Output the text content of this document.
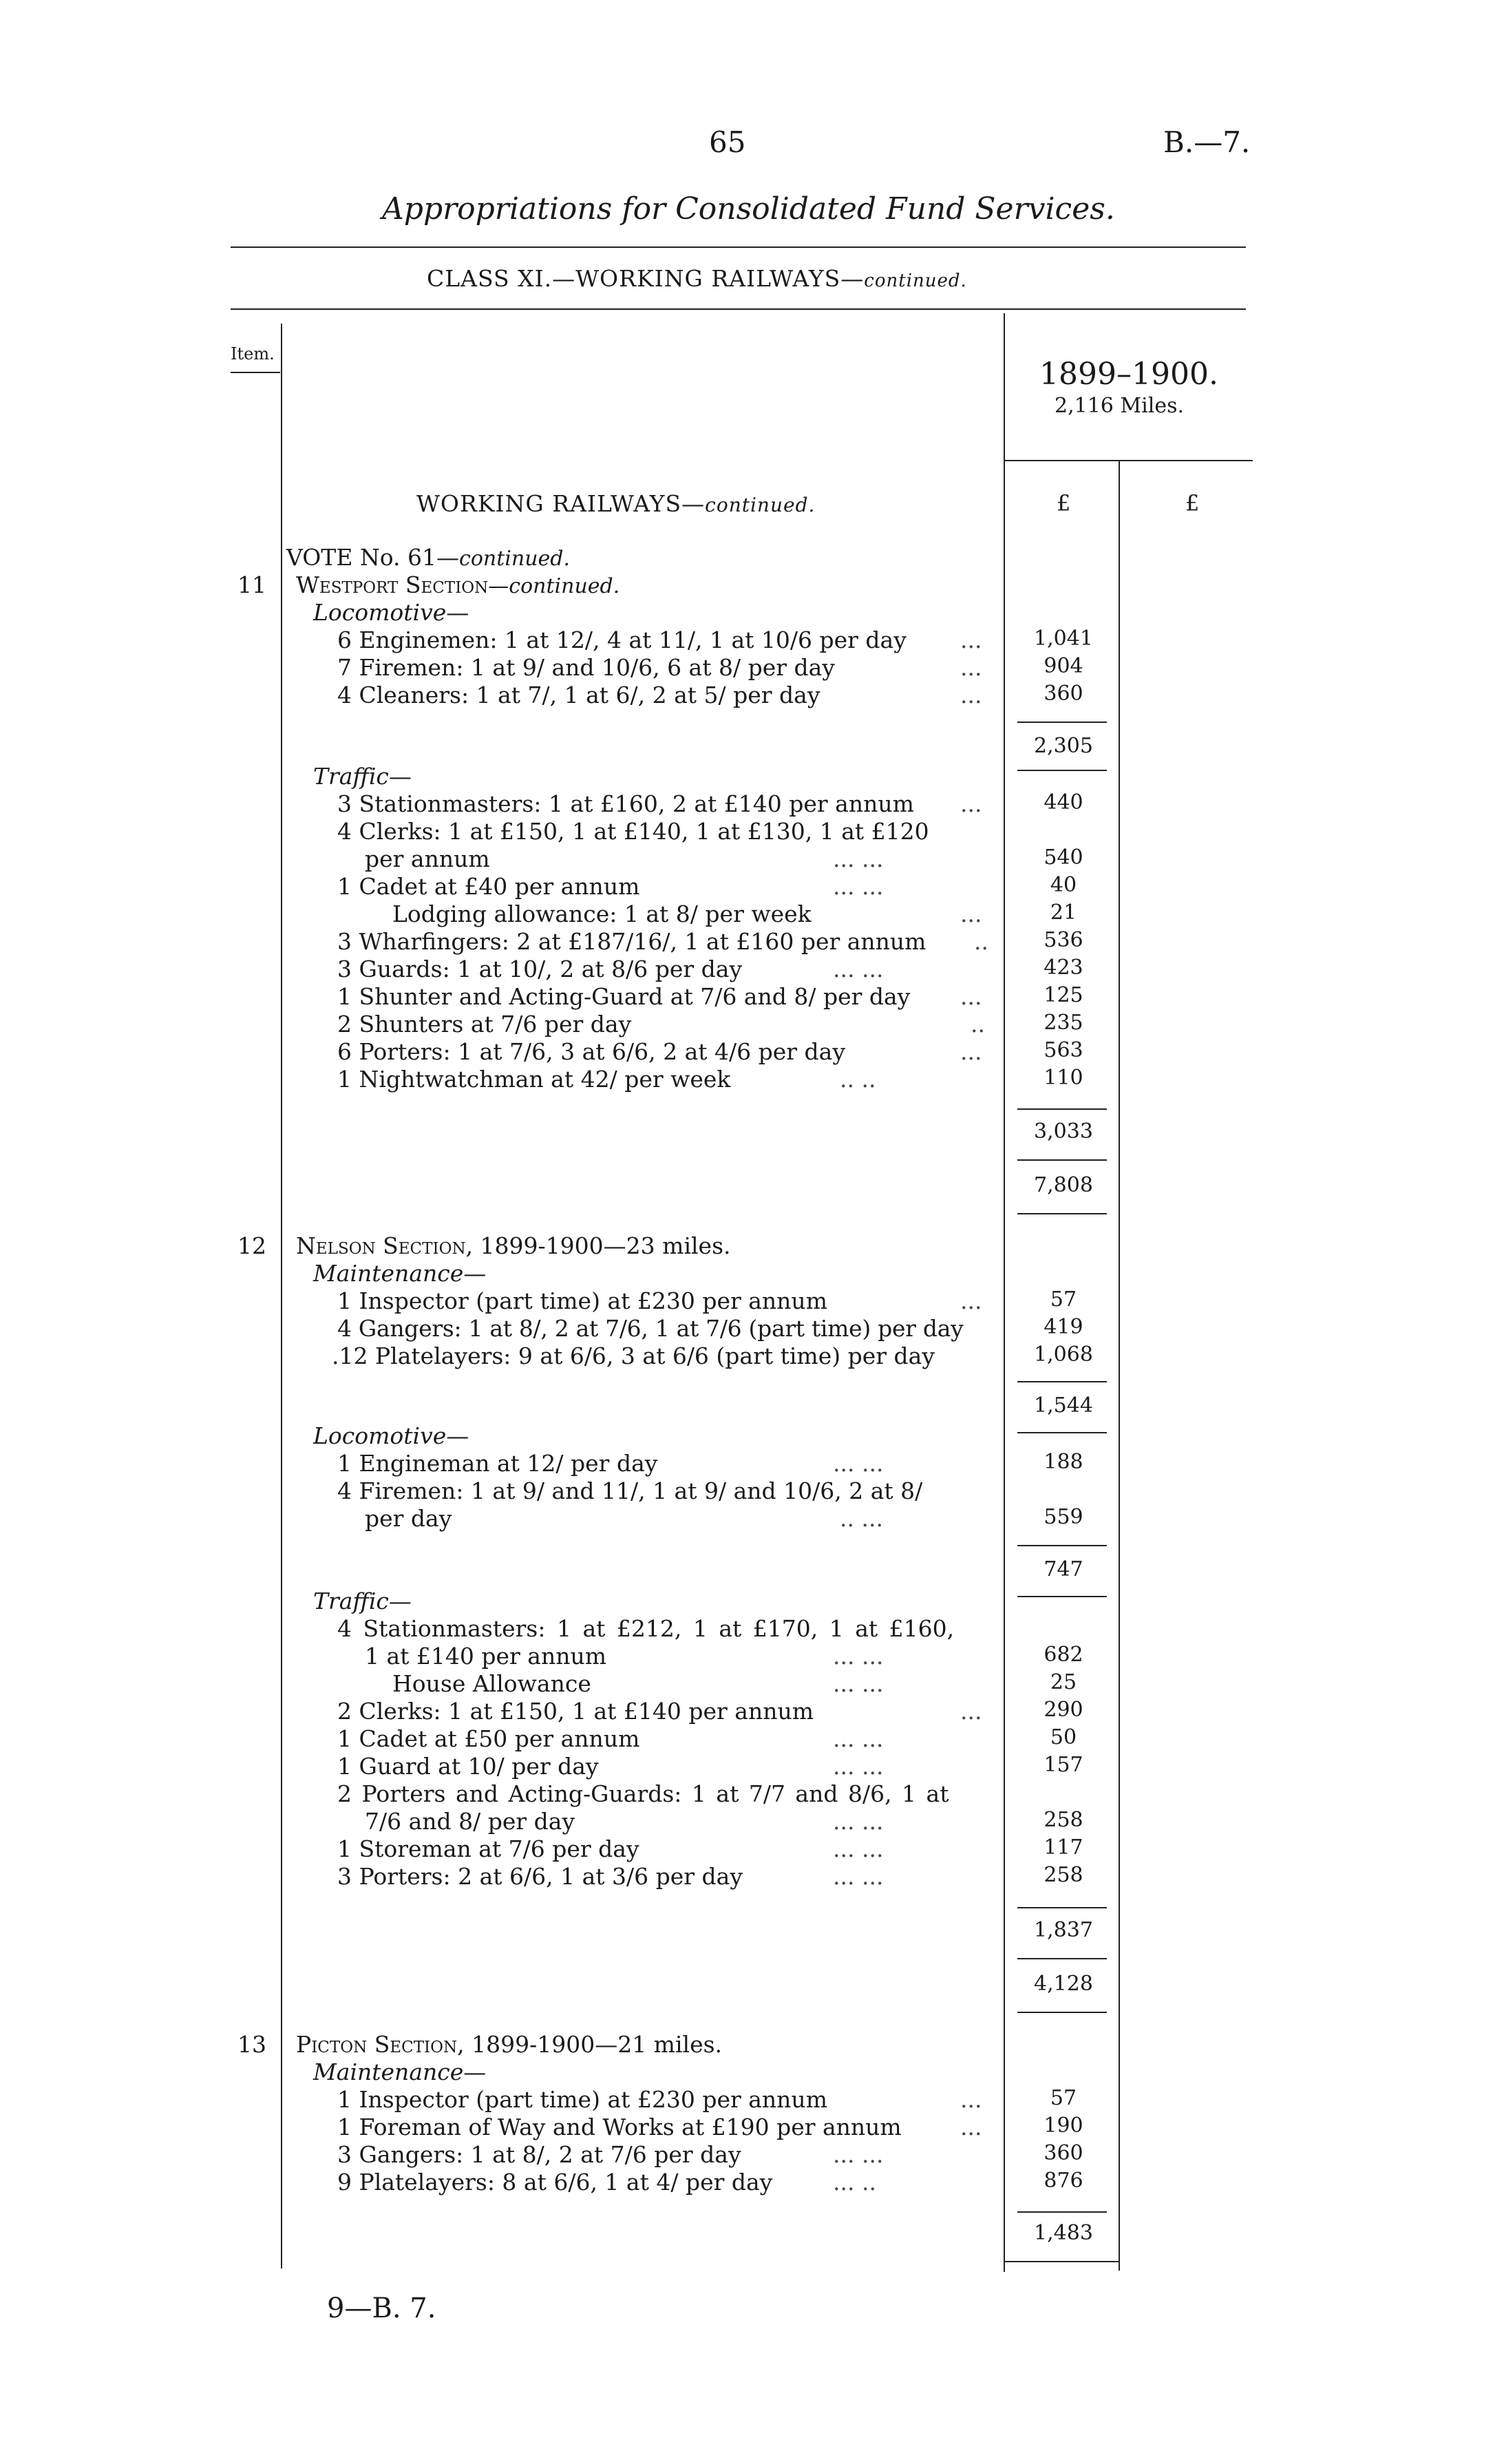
65	B.—7.
Appropriations for Consolidated Fund Services.
CLASS XI.—WORKING RAILWAYS—continued.
Item.
1899–1900.
2,116 Miles.
£	£
WORKING RAILWAYS—continued.
VOTE No. 61—continued.
11 Westport Section—continued.
Locomotive—
6 Enginemen: 1 at 12/, 4 at 11/, 1 at 10/6 per day ...	1,041
7 Firemen: 1 at 9/ and 10/6, 6 at 8/ per day	...	904
4 Cleaners: 1 at 7/, 1 at 6/, 2 at 5/ per day	...	360
2,305
Traffic—
3 Stationmasters: 1 at £160, 2 at £140 per annum ...	440
4 Clerks: 1 at £150, 1 at £140, 1 at £130, 1 at £120
per annum	... ...	540
1 Cadet at £40 per annum	... ...	40
Lodging allowance: 1 at 8/ per week	...	21
3 Wharfingers: 2 at £187/16/, 1 at £160 per annum ..	536
3 Guards: 1 at 10/, 2 at 8/6 per day	... ...	423
1 Shunter and Acting-Guard at 7/6 and 8/ per day ...	125
2 Shunters at 7/6 per day	..	235
6 Porters: 1 at 7/6, 3 at 6/6, 2 at 4/6 per day	...	563
1 Nightwatchman at 42/ per week	.. ..	110
3,033
7,808
12 Nelson Section, 1899-1900—23 miles.
Maintenance—
1 Inspector (part time) at £230 per annum	...	57
4 Gangers: 1 at 8/, 2 at 7/6, 1 at 7/6 (part time) per day	419
.12 Platelayers: 9 at 6/6, 3 at 6/6 (part time) per day	1,068
1,544
Locomotive—
1 Engineman at 12/ per day	... ...	188
4 Firemen: 1 at 9/ and 11/, 1 at 9/ and 10/6, 2 at 8/
per day	.. ...	559
747
Traffic—
4 Stationmasters: 1 at £212, 1 at £170, 1 at £160,
1 at £140 per annum	... ...	682
House Allowance	... ...	25
2 Clerks: 1 at £150, 1 at £140 per annum	...	290
1 Cadet at £50 per annum	... ...	50
1 Guard at 10/ per day	... ...	157
2 Porters and Acting-Guards: 1 at 7/7 and 8/6, 1 at
7/6 and 8/ per day	... ...	258
1 Storeman at 7/6 per day	... ...	117
3 Porters: 2 at 6/6, 1 at 3/6 per day	... ...	258
1,837
4,128
13 Picton Section, 1899-1900—21 miles.
Maintenance—
1 Inspector (part time) at £230 per annum	...	57
1 Foreman of Way and Works at £190 per annum	...	190
3 Gangers: 1 at 8/, 2 at 7/6 per day	... ...	360
9 Platelayers: 8 at 6/6, 1 at 4/ per day	... ..	876
1,483
9—B. 7.
